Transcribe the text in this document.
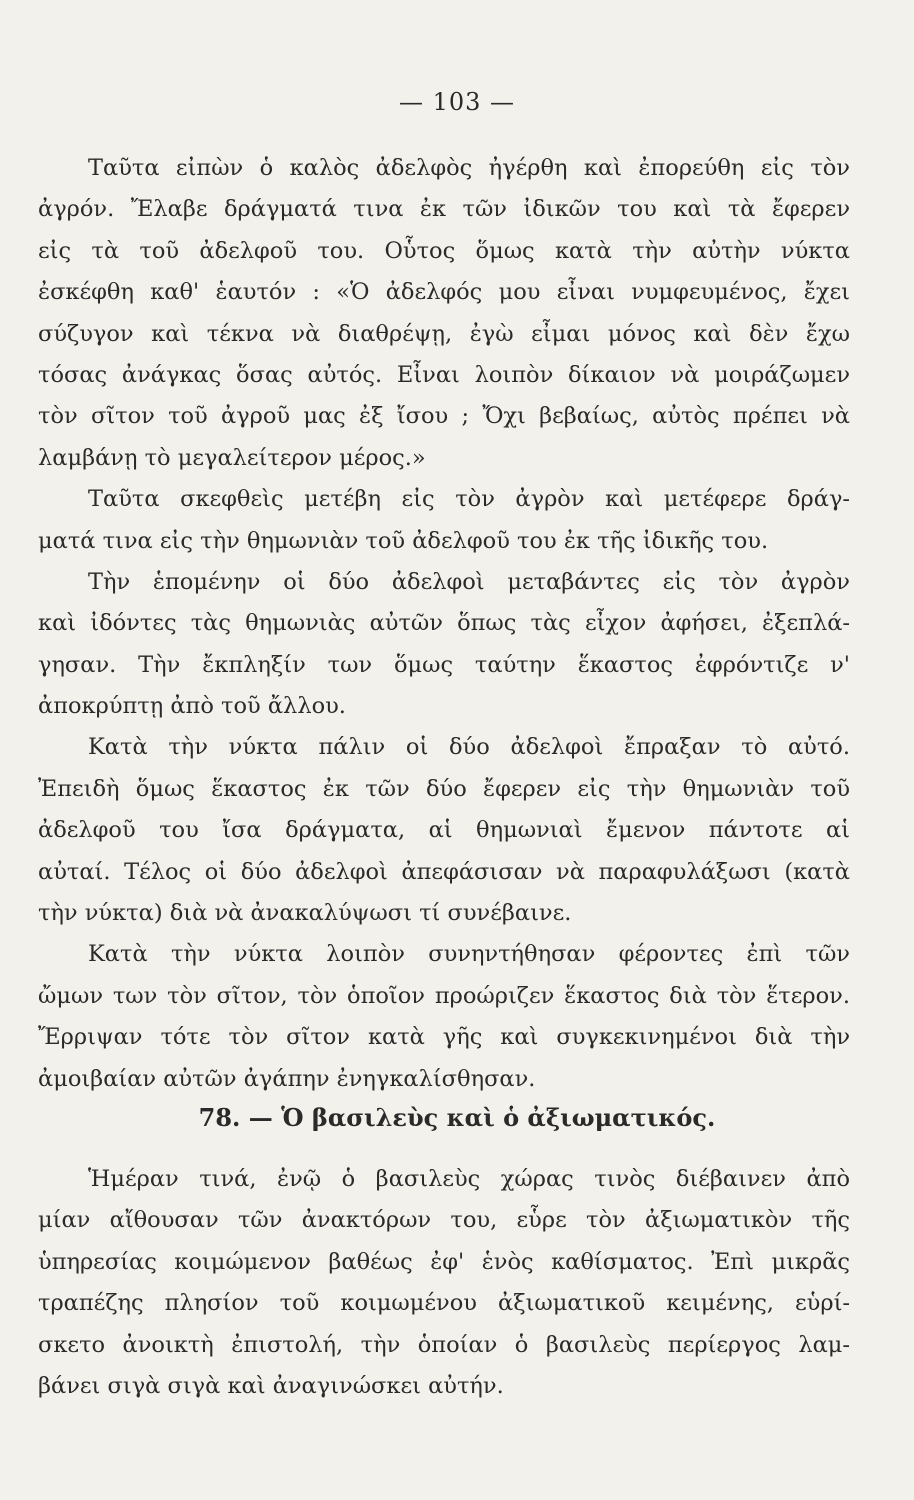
— 103 —
Ταῦτα εἰπὼν ὁ καλὸς ἀδελφὸς ἠγέρθη καὶ ἐπορεύθη εἰς τὸν
ἀγρόν. Ἔλαβε δράγματά τινα ἐκ τῶν ἰδικῶν του καὶ τὰ ἔφερεν
εἰς τὰ τοῦ ἀδελφοῦ του. Οὗτος ὅμως κατὰ τὴν αὐτὴν νύκτα
ἐσκέφθη καθ' ἑαυτόν : «Ὁ ἀδελφός μου εἶναι νυμφευμένος, ἔχει
σύζυγον καὶ τέκνα νὰ διαθρέψῃ, ἐγὼ εἶμαι μόνος καὶ δὲν ἔχω
τόσας ἀνάγκας ὅσας αὐτός. Εἶναι λοιπὸν δίκαιον νὰ μοιράζωμεν
τὸν σῖτον τοῦ ἀγροῦ μας ἐξ ἴσου ; Ὄχι βεβαίως, αὐτὸς πρέπει νὰ
λαμβάνῃ τὸ μεγαλείτερον μέρος.»
Ταῦτα σκεφθεὶς μετέβη εἰς τὸν ἀγρὸν καὶ μετέφερε δράγ-
ματά τινα εἰς τὴν θημωνιὰν τοῦ ἀδελφοῦ του ἐκ τῆς ἰδικῆς του.
Τὴν ἑπομένην οἱ δύο ἀδελφοὶ μεταβάντες εἰς τὸν ἀγρὸν
καὶ ἰδόντες τὰς θημωνιὰς αὐτῶν ὅπως τὰς εἶχον ἀφήσει, ἐξεπλά-
γησαν. Τὴν ἔκπληξίν των ὅμως ταύτην ἕκαστος ἐφρόντιζε ν'
ἀποκρύπτῃ ἀπὸ τοῦ ἄλλου.
Κατὰ τὴν νύκτα πάλιν οἱ δύο ἀδελφοὶ ἔπραξαν τὸ αὐτό.
Ἐπειδὴ ὅμως ἕκαστος ἐκ τῶν δύο ἔφερεν εἰς τὴν θημωνιὰν τοῦ
ἀδελφοῦ του ἴσα δράγματα, αἱ θημωνιαὶ ἔμενον πάντοτε αἱ
αὐταί. Τέλος οἱ δύο ἀδελφοὶ ἀπεφάσισαν νὰ παραφυλάξωσι (κατὰ
τὴν νύκτα) διὰ νὰ ἀνακαλύψωσι τί συνέβαινε.
Κατὰ τὴν νύκτα λοιπὸν συνηντήθησαν φέροντες ἐπὶ τῶν
ὤμων των τὸν σῖτον, τὸν ὁποῖον προώριζεν ἕκαστος διὰ τὸν ἕτερον.
Ἔρριψαν τότε τὸν σῖτον κατὰ γῆς καὶ συγκεκινημένοι διὰ τὴν
ἀμοιβαίαν αὐτῶν ἀγάπην ἐνηγκαλίσθησαν.
78. — Ὁ βασιλεὺς καὶ ὁ ἀξιωματικός.
Ἡμέραν τινά, ἐνῷ ὁ βασιλεὺς χώρας τινὸς διέβαινεν ἀπὸ
μίαν αἴθουσαν τῶν ἀνακτόρων του, εὗρε τὸν ἀξιωματικὸν τῆς
ὑπηρεσίας κοιμώμενον βαθέως ἐφ' ἑνὸς καθίσματος. Ἐπὶ μικρᾶς
τραπέζης πλησίον τοῦ κοιμωμένου ἀξιωματικοῦ κειμένης, εὑρί-
σκετο ἀνοικτὴ ἐπιστολή, τὴν ὁποίαν ὁ βασιλεὺς περίεργος λαμ-
βάνει σιγὰ σιγὰ καὶ ἀναγινώσκει αὐτήν.
